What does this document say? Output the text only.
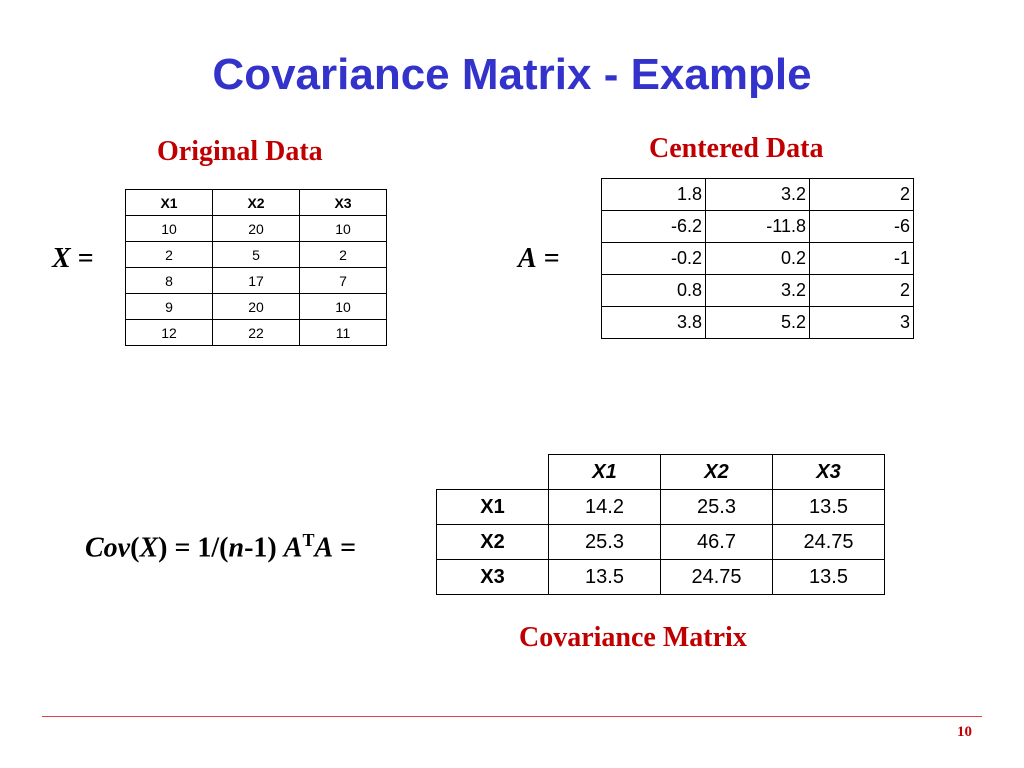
Covariance Matrix - Example
Original Data
X =
X1	X2	X3
10	20	10
2	5	2
8	17	7
9	20	10
12	22	11
Centered Data
A =
1.8	3.2	2
-6.2	-11.8	-6
-0.2	0.2	-1
0.8	3.2	2
3.8	5.2	3
Cov(X) = 1/(n-1) $A^TA$ =
	X1	X2	X3
X1	14.2	25.3	13.5
X2	25.3	46.7	24.75
X3	13.5	24.75	13.5
Covariance Matrix
10
